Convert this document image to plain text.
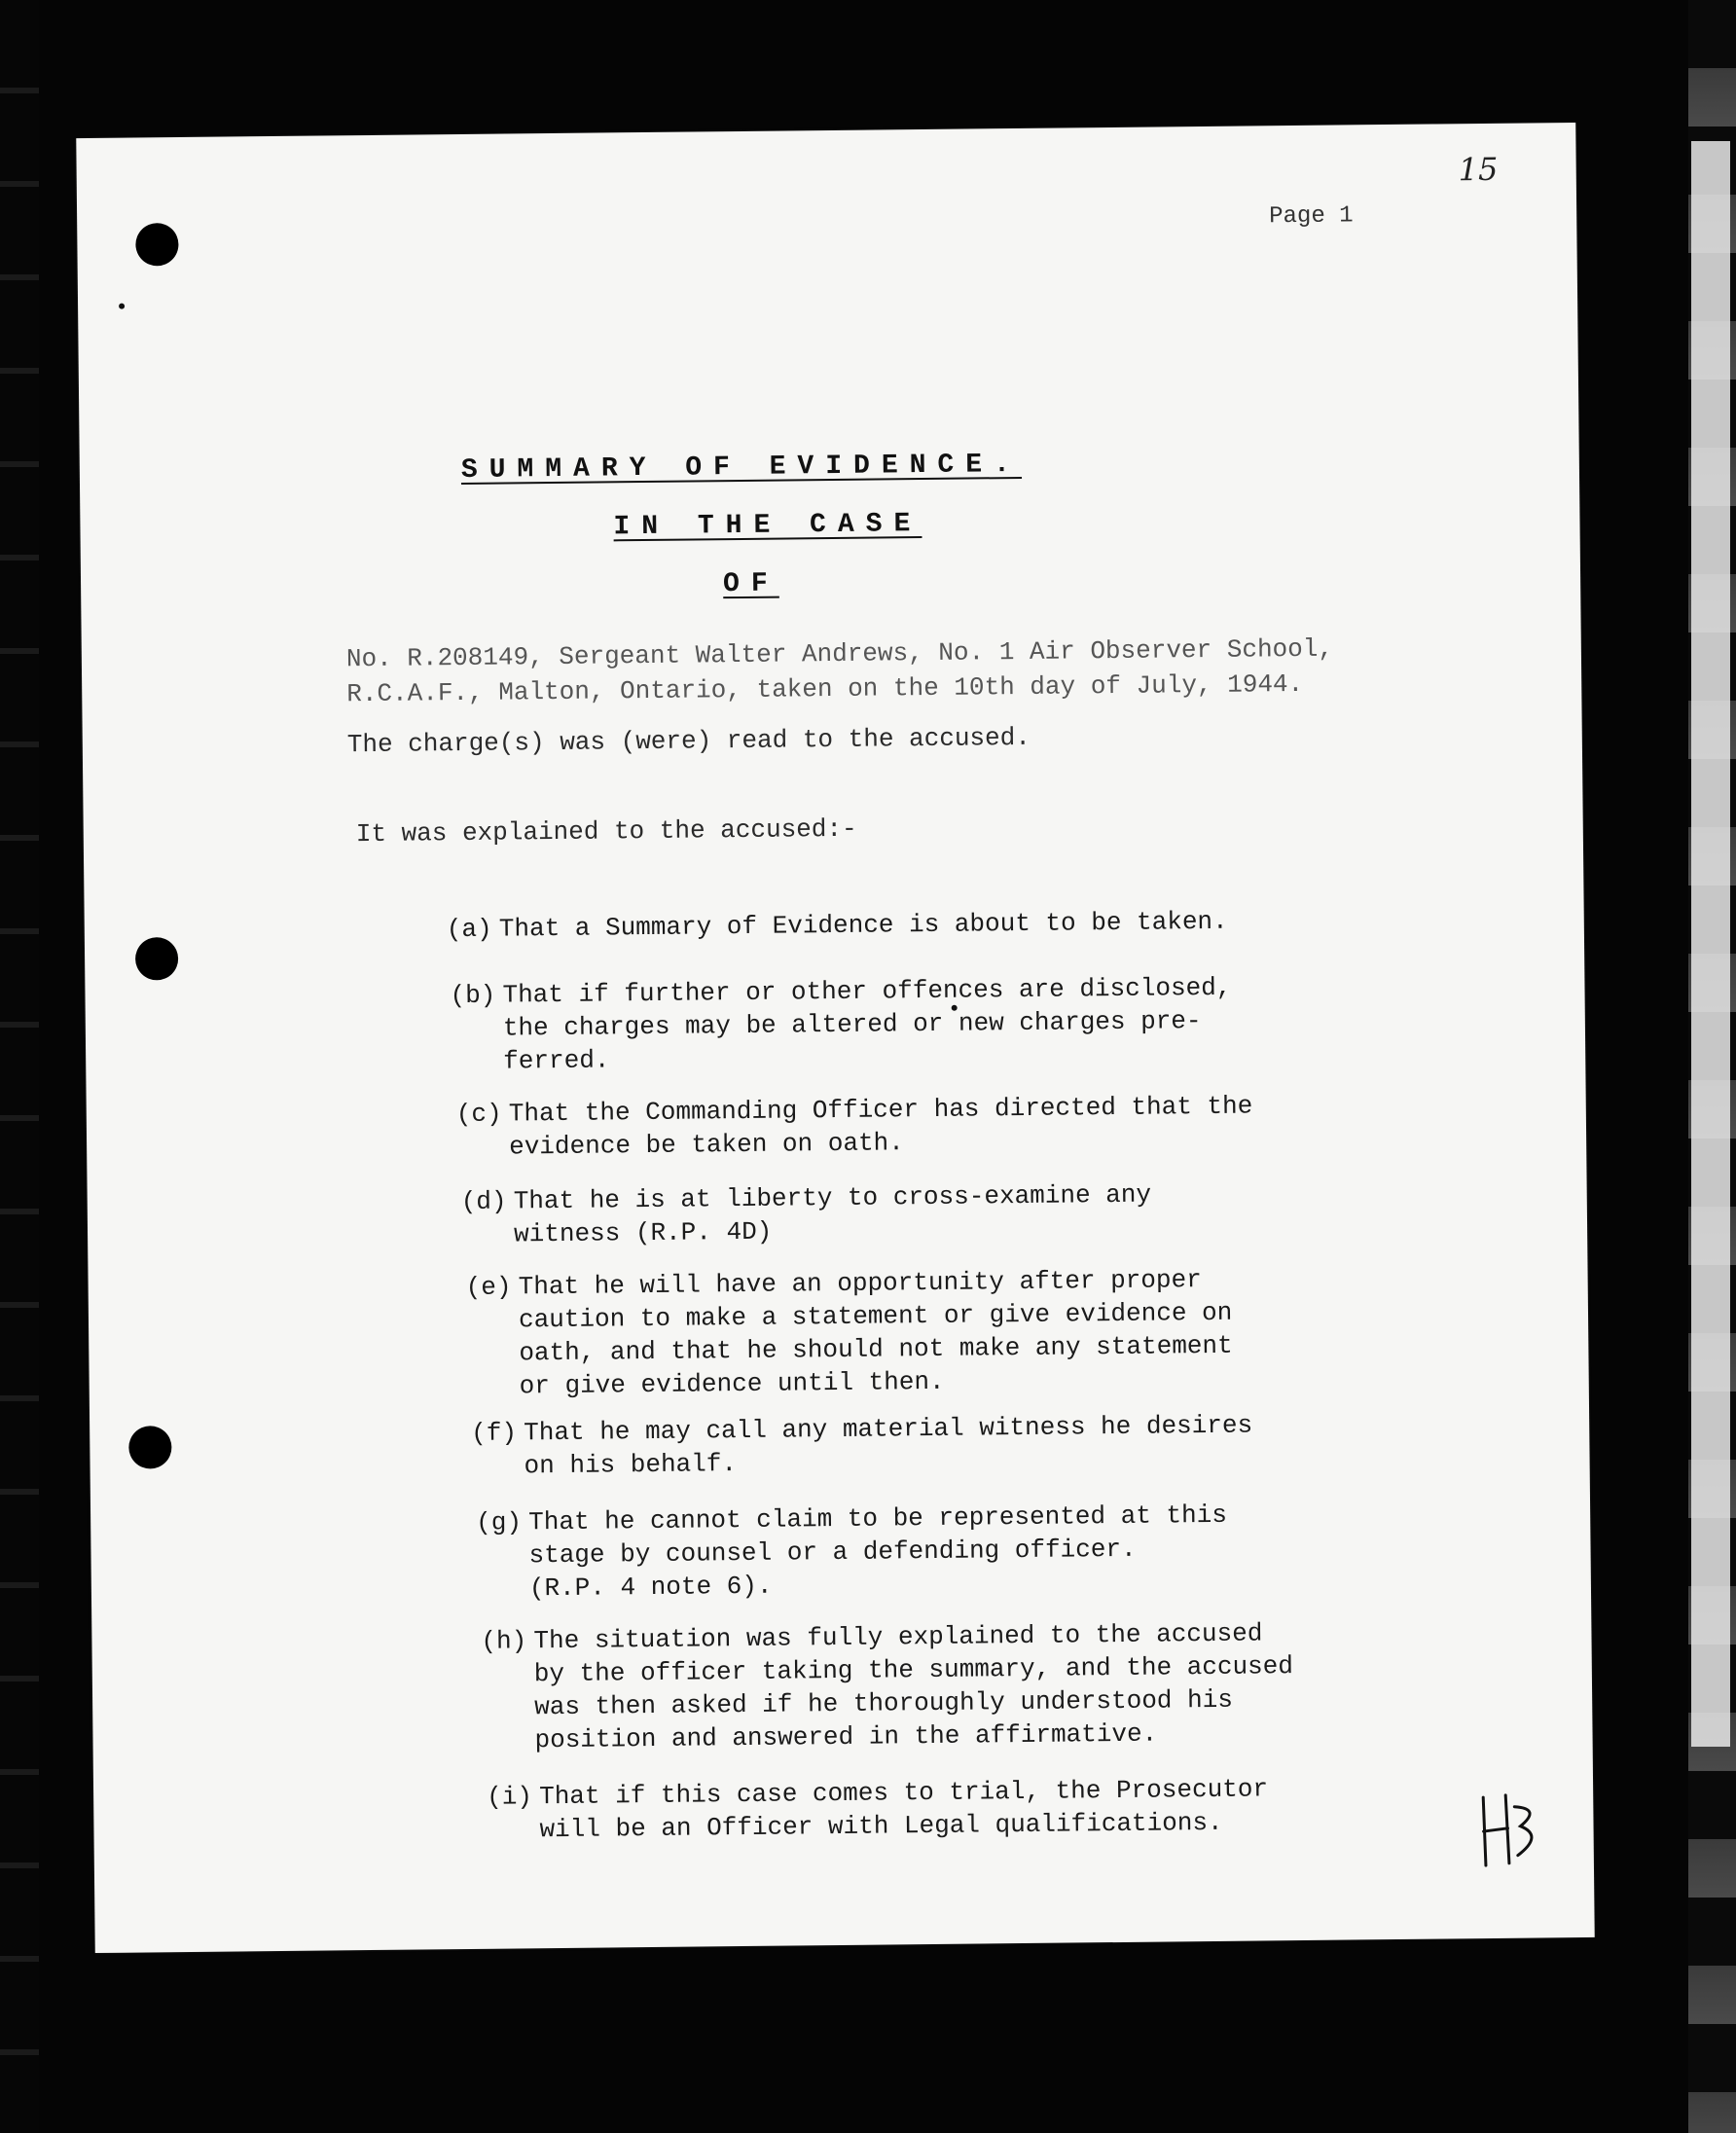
15
Page 1
SUMMARY OF EVIDENCE.
IN THE CASE
OF
No. R.208149, Sergeant Walter Andrews, No. 1 Air Observer School,
R.C.A.F., Malton, Ontario, taken on the 10th day of July, 1944.
The charge(s) was (were) read to the accused.
It was explained to the accused:-
(a) That a Summary of Evidence is about to be taken.
(b) That if further or other offences are disclosed,
the charges may be altered or new charges pre-
ferred.
(c) That the Commanding Officer has directed that the
evidence be taken on oath.
(d) That he is at liberty to cross-examine any
witness (R.P. 4D)
(e) That he will have an opportunity after proper
caution to make a statement or give evidence on
oath, and that he should not make any statement
or give evidence until then.
(f) That he may call any material witness he desires
on his behalf.
(g) That he cannot claim to be represented at this
stage by counsel or a defending officer.
(R.P. 4 note 6).
(h) The situation was fully explained to the accused
by the officer taking the summary, and the accused
was then asked if he thoroughly understood his
position and answered in the affirmative.
(i) That if this case comes to trial, the Prosecutor
will be an Officer with Legal qualifications.
